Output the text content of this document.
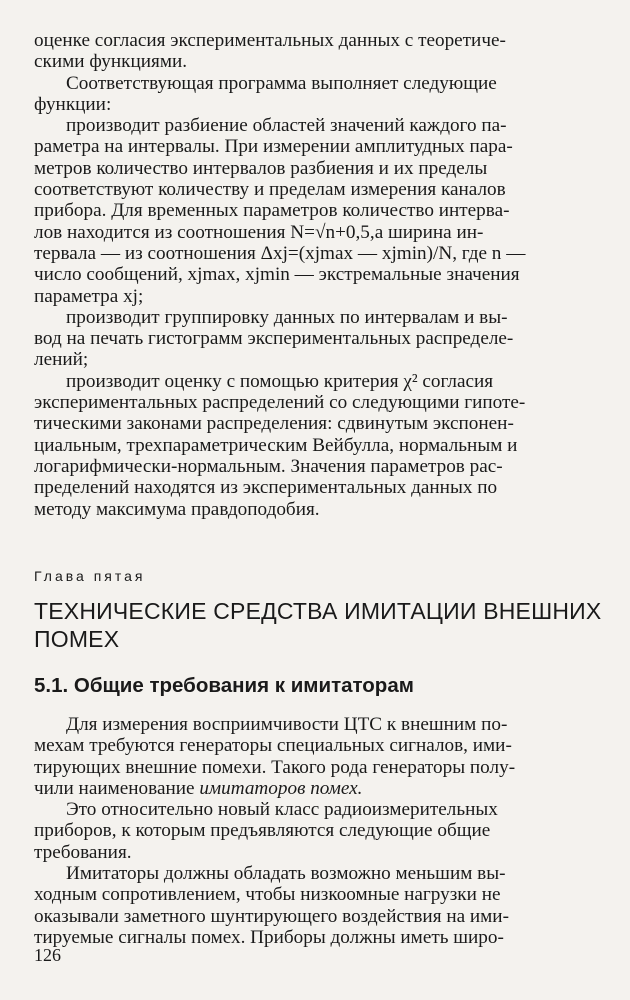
оценке согласия экспериментальных данных с теоретиче-
скими функциями.
Соответствующая программа выполняет следующие
функции:
производит разбиение областей значений каждого па-
раметра на интервалы. При измерении амплитудных пара-
метров количество интервалов разбиения и их пределы
соответствуют количеству и пределам измерения каналов
прибора. Для временных параметров количество интерва-
лов находится из соотношения N=√n+0,5,а ширина ин-
тервала — из соотношения Δxj=(xjmax — xjmin)/N, где n —
число сообщений, xjmax, xjmin — экстремальные значения
параметра xj;
производит группировку данных по интервалам и вы-
вод на печать гистограмм экспериментальных распределе-
лений;
производит оценку с помощью критерия χ² согласия
экспериментальных распределений со следующими гипоте-
тическими законами распределения: сдвинутым экспонен-
циальным, трехпараметрическим Вейбулла, нормальным и
логарифмически-нормальным. Значения параметров рас-
пределений находятся из экспериментальных данных по
методу максимума правдоподобия.
Глава пятая
ТЕХНИЧЕСКИЕ СРЕДСТВА ИМИТАЦИИ ВНЕШНИХ
ПОМЕХ
5.1. Общие требования к имитаторам
Для измерения восприимчивости ЦТС к внешним по-
мехам требуются генераторы специальных сигналов, ими-
тирующих внешние помехи. Такого рода генераторы полу-
чили наименование имитаторов помех.
Это относительно новый класс радиоизмерительных
приборов, к которым предъявляются следующие общие
требования.
Имитаторы должны обладать возможно меньшим вы-
ходным сопротивлением, чтобы низкоомные нагрузки не
оказывали заметного шунтирующего воздействия на ими-
тируемые сигналы помех. Приборы должны иметь широ-
126
